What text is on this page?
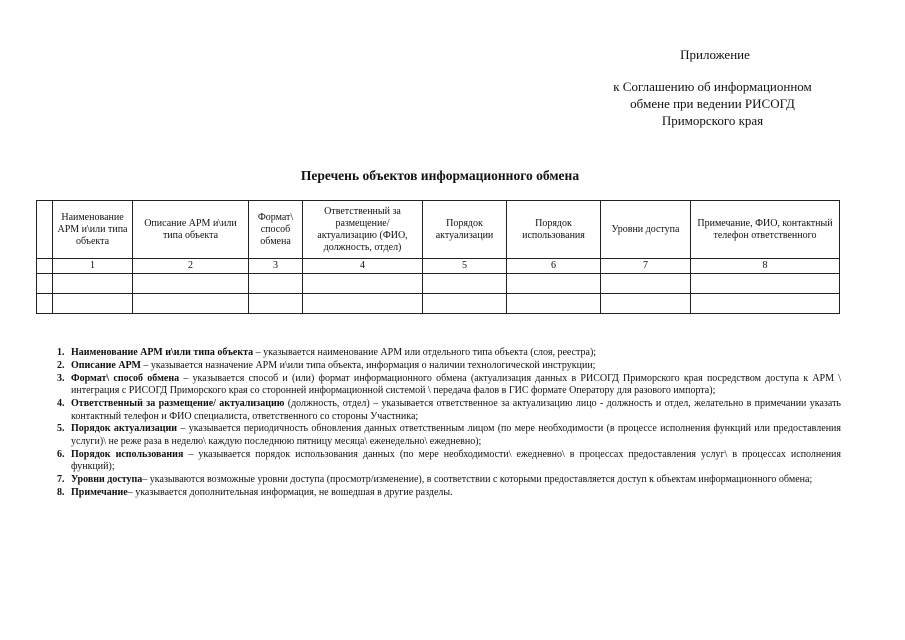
Приложение
к Соглашению об информационном
обмене при ведении РИСОГД
Приморского края
Перечень объектов информационного обмена
	Наименование АРМ и\или типа объекта	Описание АРМ и\или типа объекта	Формат\ способ обмена	Ответственный за размещение/ актуализацию (ФИО, должность, отдел)	Порядок актуализации	Порядок использования	Уровни доступа	Примечание, ФИО, контактный телефон ответственного
	1	2	3	4	5	6	7	8

1. Наименование АРМ и\или типа объекта – указывается наименование АРМ или отдельного типа объекта (слоя, реестра);
2. Описание АРМ – указывается назначение АРМ и\или типа объекта, информация о наличии технологической инструкции;
3. Формат\ способ обмена – указывается способ и (или) формат информационного обмена (актуализация данных в РИСОГД Приморского края посредством доступа к АРМ \ интеграция с РИСОГД Приморского края со сторонней информационной системой \ передача фалов в ГИС формате Оператору для разового импорта);
4. Ответственный за размещение/ актуализацию (должность, отдел) – указывается ответственное за актуализацию лицо - должность и отдел, желательно в примечании указать контактный телефон и ФИО специалиста, ответственного со стороны Участника;
5. Порядок актуализации – указывается периодичность обновления данных ответственным лицом (по мере необходимости (в процессе исполнения функций или предоставления услуги)\ не реже раза в неделю\ каждую последнюю пятницу месяца\ еженедельно\ ежедневно);
6. Порядок использования – указывается порядок использования данных (по мере необходимости\ ежедневно\ в процессах предоставления услуг\ в процессах исполнения функций);
7. Уровни доступа– указываются возможные уровни доступа (просмотр/изменение), в соответствии с которыми предоставляется доступ к объектам информационного обмена;
8. Примечание– указывается дополнительная информация, не вошедшая в другие разделы.
